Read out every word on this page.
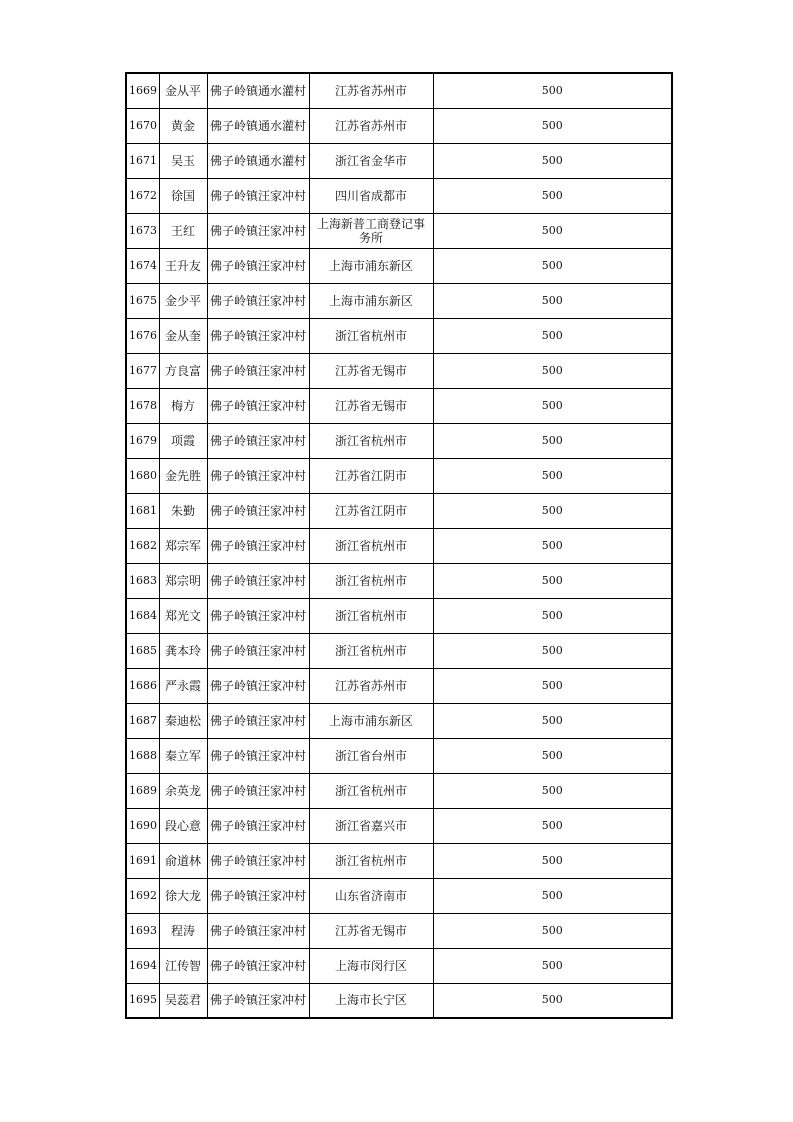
1669	金从平	佛子岭镇通水灌村	江苏省苏州市	500
1670	黄金	佛子岭镇通水灌村	江苏省苏州市	500
1671	吴玉	佛子岭镇通水灌村	浙江省金华市	500
1672	徐国	佛子岭镇汪家冲村	四川省成都市	500
1673	王红	佛子岭镇汪家冲村	上海新普工商登记事务所	500
1674	王升友	佛子岭镇汪家冲村	上海市浦东新区	500
1675	金少平	佛子岭镇汪家冲村	上海市浦东新区	500
1676	金从奎	佛子岭镇汪家冲村	浙江省杭州市	500
1677	方良富	佛子岭镇汪家冲村	江苏省无锡市	500
1678	梅方	佛子岭镇汪家冲村	江苏省无锡市	500
1679	项霞	佛子岭镇汪家冲村	浙江省杭州市	500
1680	金先胜	佛子岭镇汪家冲村	江苏省江阴市	500
1681	朱勤	佛子岭镇汪家冲村	江苏省江阴市	500
1682	郑宗军	佛子岭镇汪家冲村	浙江省杭州市	500
1683	郑宗明	佛子岭镇汪家冲村	浙江省杭州市	500
1684	郑光文	佛子岭镇汪家冲村	浙江省杭州市	500
1685	龚本玲	佛子岭镇汪家冲村	浙江省杭州市	500
1686	严永霞	佛子岭镇汪家冲村	江苏省苏州市	500
1687	秦迪松	佛子岭镇汪家冲村	上海市浦东新区	500
1688	秦立军	佛子岭镇汪家冲村	浙江省台州市	500
1689	余英龙	佛子岭镇汪家冲村	浙江省杭州市	500
1690	段心意	佛子岭镇汪家冲村	浙江省嘉兴市	500
1691	俞道林	佛子岭镇汪家冲村	浙江省杭州市	500
1692	徐大龙	佛子岭镇汪家冲村	山东省济南市	500
1693	程涛	佛子岭镇汪家冲村	江苏省无锡市	500
1694	江传智	佛子岭镇汪家冲村	上海市闵行区	500
1695	吴蕊君	佛子岭镇汪家冲村	上海市长宁区	500
